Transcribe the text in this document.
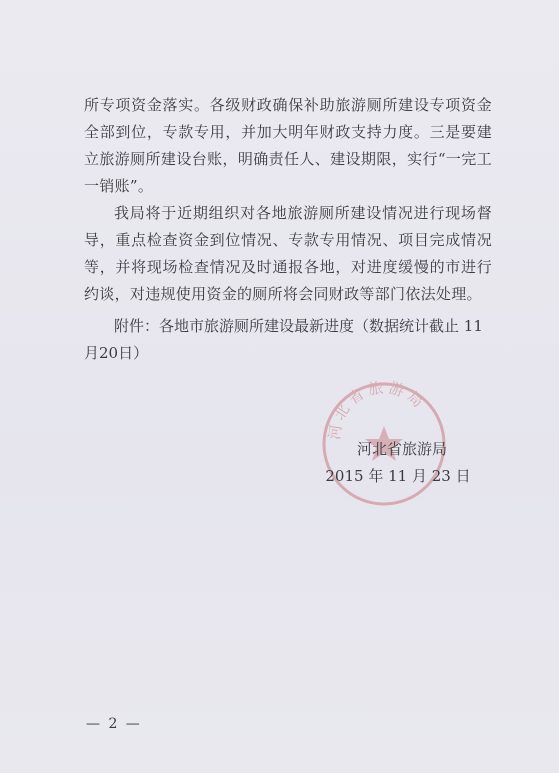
所专项资金落实。各级财政确保补助旅游厕所建设专项资金全部到位，专款专用，并加大明年财政支持力度。三是要建立旅游厕所建设台账，明确责任人、建设期限，实行“一完工一销账”。

我局将于近期组织对各地旅游厕所建设情况进行现场督导，重点检查资金到位情况、专款专用情况、项目完成情况等，并将现场检查情况及时通报各地，对进度缓慢的市进行约谈，对违规使用资金的厕所将会同财政等部门依法处理。

附件：各地市旅游厕所建设最新进度（数据统计截止 11月20日）
河北省旅游局
河北省旅游局
2015 年 11 月 23 日
— 2 —
